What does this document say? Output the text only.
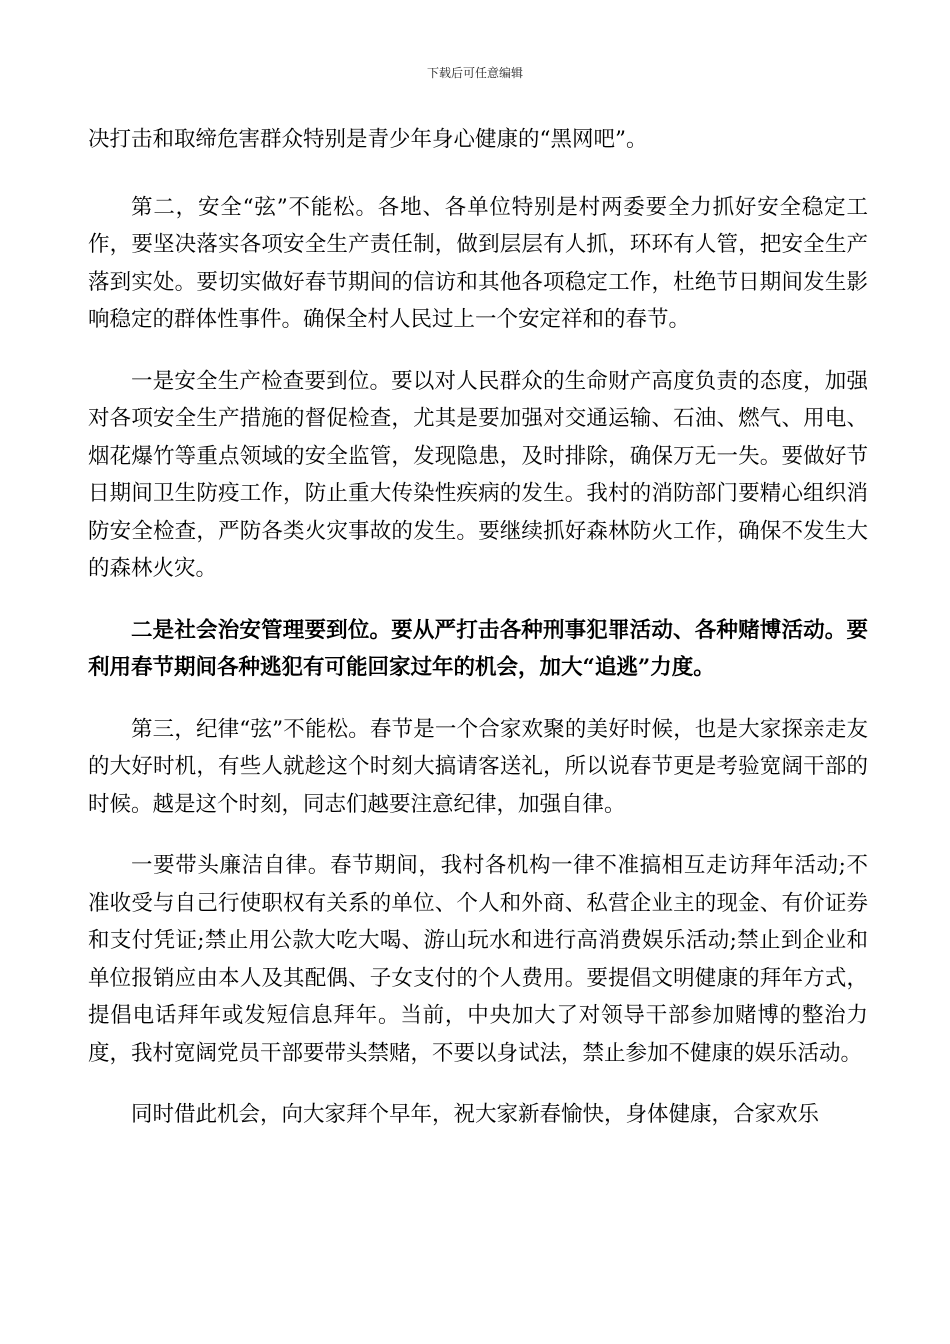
下载后可任意编辑

决打击和取缔危害群众特别是青少年身心健康的“黑网吧”。

第二，安全“弦”不能松。各地、各单位特别是村两委要全力抓好安全稳定工作，要坚决落实各项安全生产责任制，做到层层有人抓，环环有人管，把安全生产落到实处。要切实做好春节期间的信访和其他各项稳定工作，杜绝节日期间发生影响稳定的群体性事件。确保全村人民过上一个安定祥和的春节。

一是安全生产检查要到位。要以对人民群众的生命财产高度负责的态度，加强对各项安全生产措施的督促检查，尤其是要加强对交通运输、石油、燃气、用电、烟花爆竹等重点领域的安全监管，发现隐患，及时排除，确保万无一失。要做好节日期间卫生防疫工作，防止重大传染性疾病的发生。我村的消防部门要精心组织消防安全检查，严防各类火灾事故的发生。要继续抓好森林防火工作，确保不发生大的森林火灾。

二是社会治安管理要到位。要从严打击各种刑事犯罪活动、各种赌博活动。要利用春节期间各种逃犯有可能回家过年的机会，加大“追逃”力度。

第三，纪律“弦”不能松。春节是一个合家欢聚的美好时候，也是大家探亲走友的大好时机，有些人就趁这个时刻大搞请客送礼，所以说春节更是考验宽阔干部的时候。越是这个时刻，同志们越要注意纪律，加强自律。

一要带头廉洁自律。春节期间，我村各机构一律不准搞相互走访拜年活动;不准收受与自己行使职权有关系的单位、个人和外商、私营企业主的现金、有价证券和支付凭证;禁止用公款大吃大喝、游山玩水和进行高消费娱乐活动;禁止到企业和单位报销应由本人及其配偶、子女支付的个人费用。要提倡文明健康的拜年方式，提倡电话拜年或发短信息拜年。当前，中央加大了对领导干部参加赌博的整治力度，我村宽阔党员干部要带头禁赌，不要以身试法，禁止参加不健康的娱乐活动。

同时借此机会，向大家拜个早年，祝大家新春愉快，身体健康，合家欢乐
